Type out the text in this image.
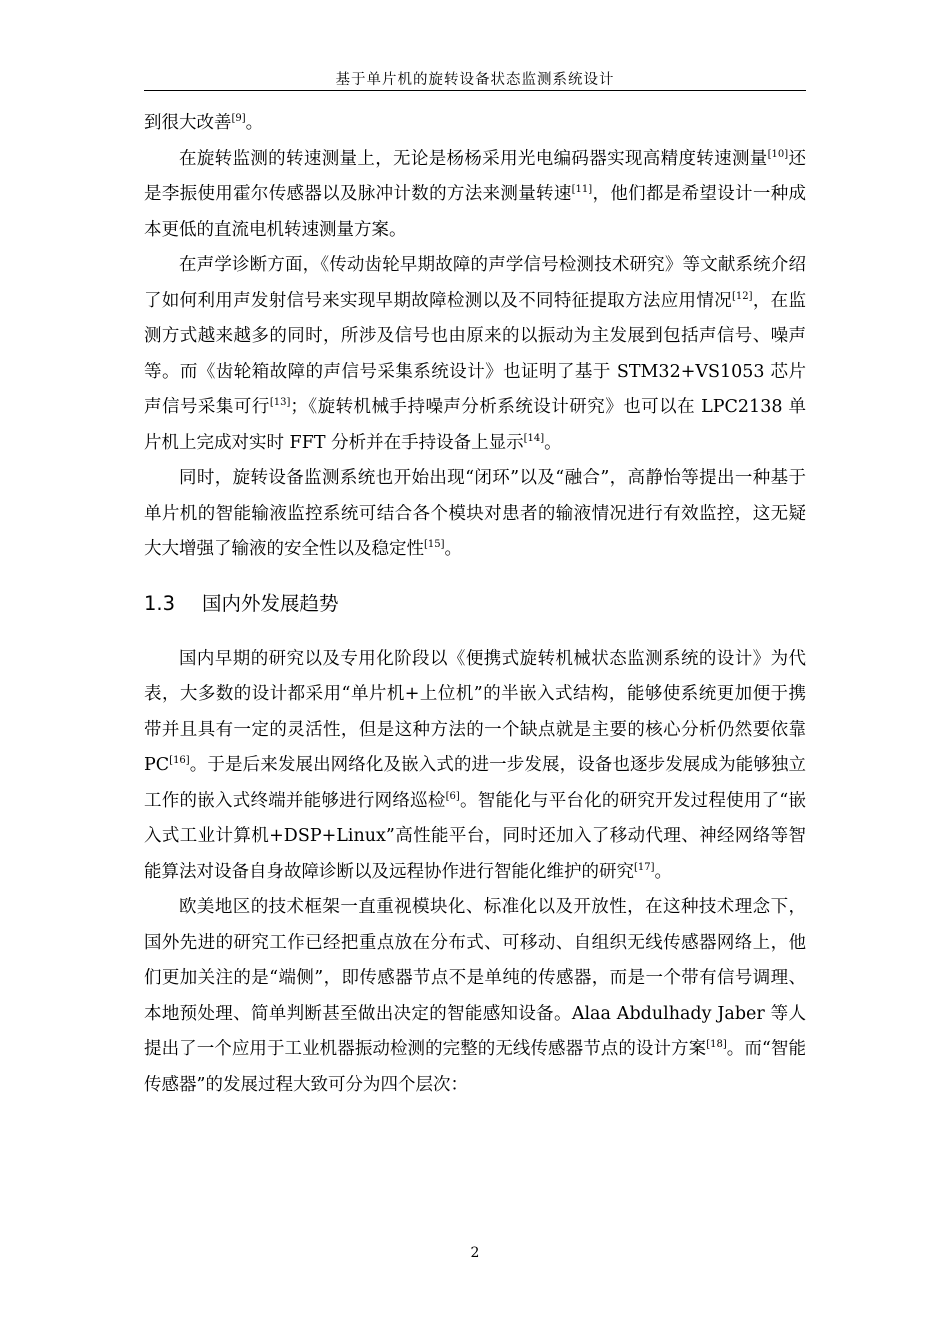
基于单片机的旋转设备状态监测系统设计

到很大改善[9]。

在旋转监测的转速测量上，无论是杨杨采用光电编码器实现高精度转速测量[10]还是李振使用霍尔传感器以及脉冲计数的方法来测量转速[11]，他们都是希望设计一种成本更低的直流电机转速测量方案。

在声学诊断方面，《传动齿轮早期故障的声学信号检测技术研究》等文献系统介绍了如何利用声发射信号来实现早期故障检测以及不同特征提取方法应用情况[12]，在监测方式越来越多的同时，所涉及信号也由原来的以振动为主发展到包括声信号、噪声等。而《齿轮箱故障的声信号采集系统设计》也证明了基于 STM32+VS1053 芯片声信号采集可行[13]；《旋转机械手持噪声分析系统设计研究》也可以在 LPC2138 单片机上完成对实时 FFT 分析并在手持设备上显示[14]。

同时，旋转设备监测系统也开始出现“闭环”以及“融合”，高静怡等提出一种基于单片机的智能输液监控系统可结合各个模块对患者的输液情况进行有效监控，这无疑大大增强了输液的安全性以及稳定性[15]。

1.3 国内外发展趋势

国内早期的研究以及专用化阶段以《便携式旋转机械状态监测系统的设计》为代表，大多数的设计都采用“单片机+上位机”的半嵌入式结构，能够使系统更加便于携带并且具有一定的灵活性，但是这种方法的一个缺点就是主要的核心分析仍然要依靠 PC[16]。于是后来发展出网络化及嵌入式的进一步发展，设备也逐步发展成为能够独立工作的嵌入式终端并能够进行网络巡检[6]。智能化与平台化的研究开发过程使用了“嵌入式工业计算机+DSP+Linux”高性能平台，同时还加入了移动代理、神经网络等智能算法对设备自身故障诊断以及远程协作进行智能化维护的研究[17]。

欧美地区的技术框架一直重视模块化、标准化以及开放性，在这种技术理念下，国外先进的研究工作已经把重点放在分布式、可移动、自组织无线传感器网络上，他们更加关注的是“端侧”，即传感器节点不是单纯的传感器，而是一个带有信号调理、本地预处理、简单判断甚至做出决定的智能感知设备。Alaa Abdulhady Jaber 等人提出了一个应用于工业机器振动检测的完整的无线传感器节点的设计方案[18]。而“智能传感器”的发展过程大致可分为四个层次：

2
